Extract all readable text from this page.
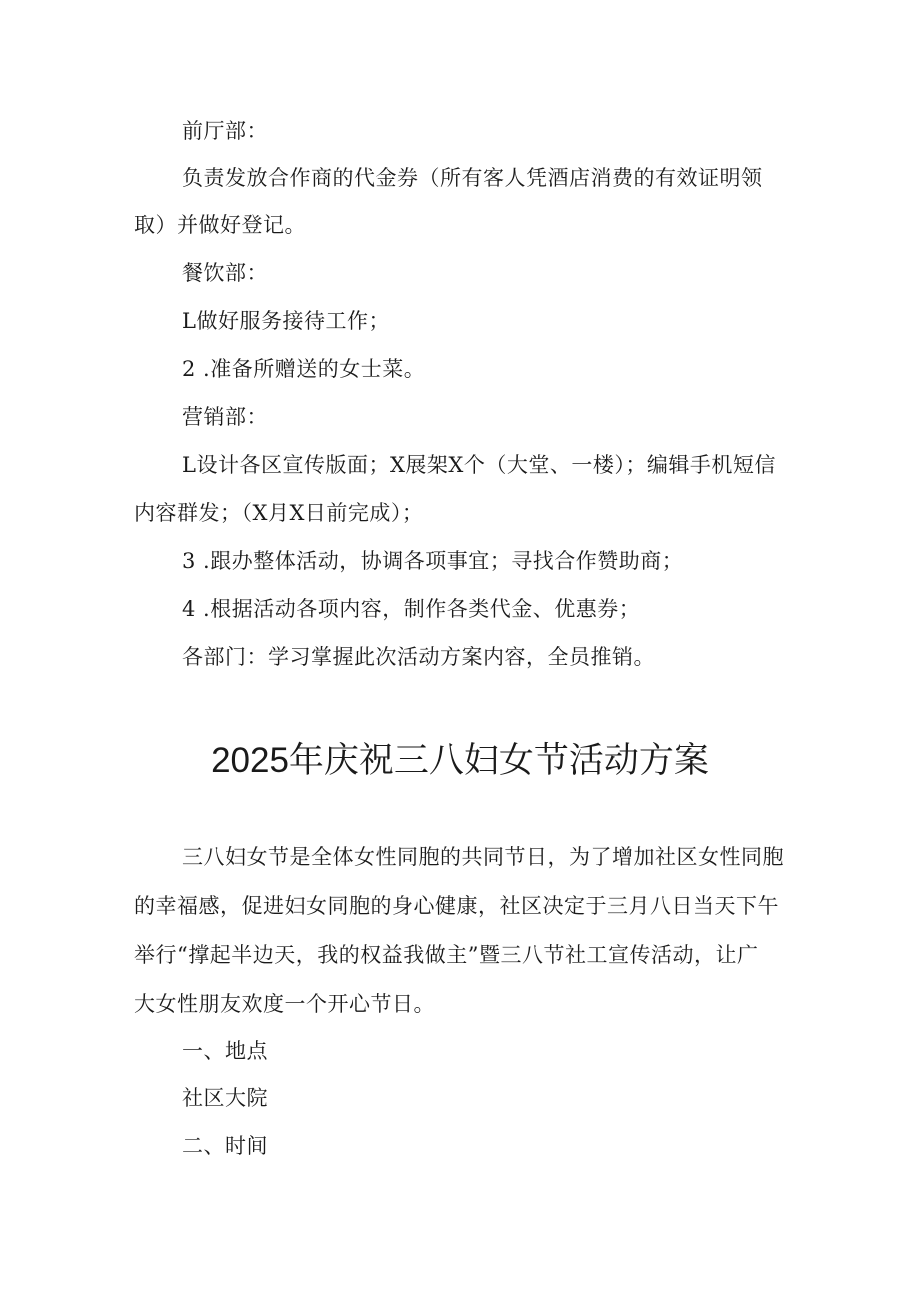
前厅部：
负责发放合作商的代金券（所有客人凭酒店消费的有效证明领
取）并做好登记。
餐饮部：
L做好服务接待工作；
2 .准备所赠送的女士菜。
营销部：
L设计各区宣传版面；X展架X个（大堂、一楼）；编辑手机短信
内容群发；（X月X日前完成）；
3 .跟办整体活动，协调各项事宜；寻找合作赞助商；
4 .根据活动各项内容，制作各类代金、优惠券；
各部门：学习掌握此次活动方案内容，全员推销。
2025年庆祝三八妇女节活动方案
三八妇女节是全体女性同胞的共同节日，为了增加社区女性同胞
的幸福感，促进妇女同胞的身心健康，社区决定于三月八日当天下午
举行“撑起半边天，我的权益我做主”暨三八节社工宣传活动，让广
大女性朋友欢度一个开心节日。
一、地点
社区大院
二、时间
